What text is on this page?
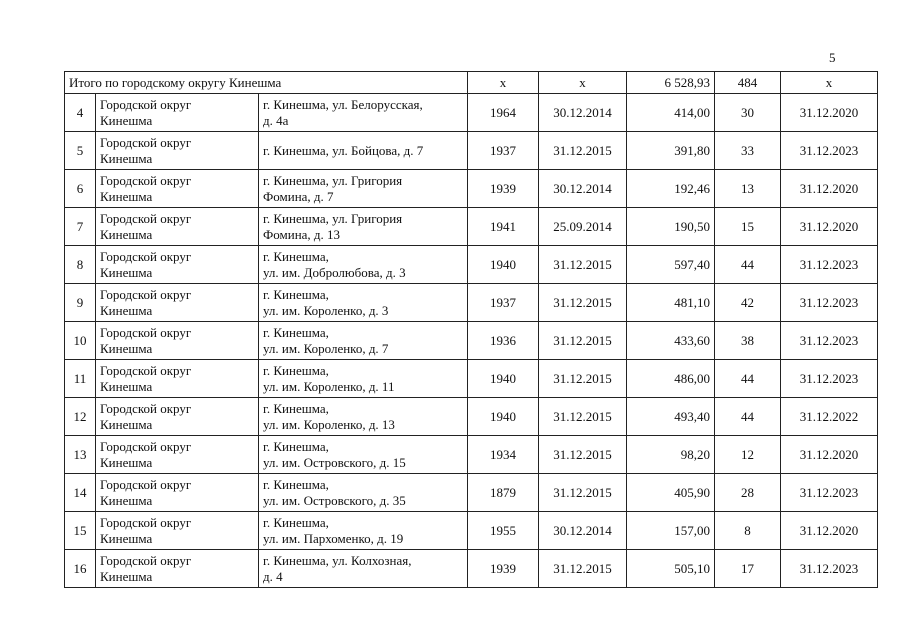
5
Итого по городскому округу Кинешма			х	х	6 528,93	484	х

4	Городской округ
Кинешма	г. Кинешма, ул. Белорусская,
д. 4а	1964	30.12.2014	414,00	30	31.12.2020

5	Городской округ
Кинешма	г. Кинешма, ул. Бойцова, д. 7	1937	31.12.2015	391,80	33	31.12.2023

6	Городской округ
Кинешма	г. Кинешма, ул. Григория
Фомина, д. 7	1939	30.12.2014	192,46	13	31.12.2020

7	Городской округ
Кинешма	г. Кинешма, ул. Григория
Фомина, д. 13	1941	25.09.2014	190,50	15	31.12.2020

8	Городской округ
Кинешма	г. Кинешма,
ул. им. Добролюбова, д. 3	1940	31.12.2015	597,40	44	31.12.2023

9	Городской округ
Кинешма	г. Кинешма,
ул. им. Короленко, д. 3	1937	31.12.2015	481,10	42	31.12.2023

10	Городской округ
Кинешма	г. Кинешма,
ул. им. Короленко, д. 7	1936	31.12.2015	433,60	38	31.12.2023

11	Городской округ
Кинешма	г. Кинешма,
ул. им. Короленко, д. 11	1940	31.12.2015	486,00	44	31.12.2023

12	Городской округ
Кинешма	г. Кинешма,
ул. им. Короленко, д. 13	1940	31.12.2015	493,40	44	31.12.2022

13	Городской округ
Кинешма	г. Кинешма,
ул. им. Островского, д. 15	1934	31.12.2015	98,20	12	31.12.2020

14	Городской округ
Кинешма	г. Кинешма,
ул. им. Островского, д. 35	1879	31.12.2015	405,90	28	31.12.2023

15	Городской округ
Кинешма	г. Кинешма,
ул. им. Пархоменко, д. 19	1955	30.12.2014	157,00	8	31.12.2020

16	Городской округ
Кинешма	г. Кинешма, ул. Колхозная,
д. 4	1939	31.12.2015	505,10	17	31.12.2023
